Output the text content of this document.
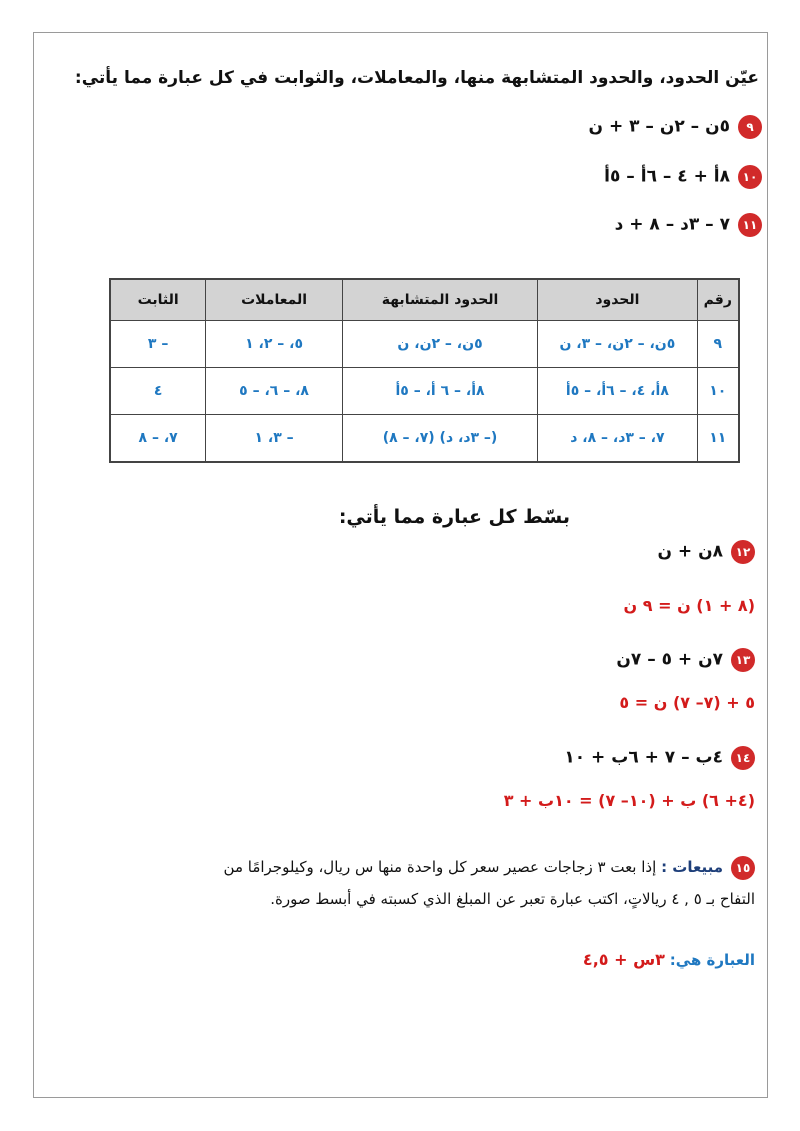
عيّن الحدود، والحدود المتشابهة منها، والمعاملات، والثوابت في كل عبارة مما يأتي:
٩٥ن – ٢ن – ٣ + ن
١٠٨أ + ٤ – ٦أ – ٥أ
١١٧ – ٣د – ٨ + د
رقم	الحدود	الحدود المتشابهة	المعاملات	الثابت
٩	٥ن، – ٢ن، – ٣، ن	٥ن، – ٢ن، ن	٥، – ٢، ١	– ٣
١٠	٨أ، ٤، – ٦أ، – ٥أ	٨أ، – ٦ أ، – ٥أ	٨، – ٦، – ٥	٤
١١	٧، – ٣د، – ٨، د	(– ٣د، د) (٧، – ٨)	– ٣، ١	٧، – ٨
بسّط كل عبارة مما يأتي:
١٢٨ن + ن
(٨ + ١) ن = ٩ ن
١٣٧ن + ٥ – ٧ن
٥ + (٧– ٧) ن = ٥
١٤٤ب – ٧ + ٦ب + ١٠
(٤+ ٦) ب + (١٠– ٧) = ١٠ب + ٣
١٥مبيعات : إذا بعت ٣ زجاجات عصير سعر كل واحدة منها س ريال، وكيلوجرامًا من
التفاح بـ ٥ , ٤ ريالاتٍ، اكتب عبارة تعبر عن المبلغ الذي كسبته في أبسط صورة.
العبارة هي: ٣س + ٤,٥
